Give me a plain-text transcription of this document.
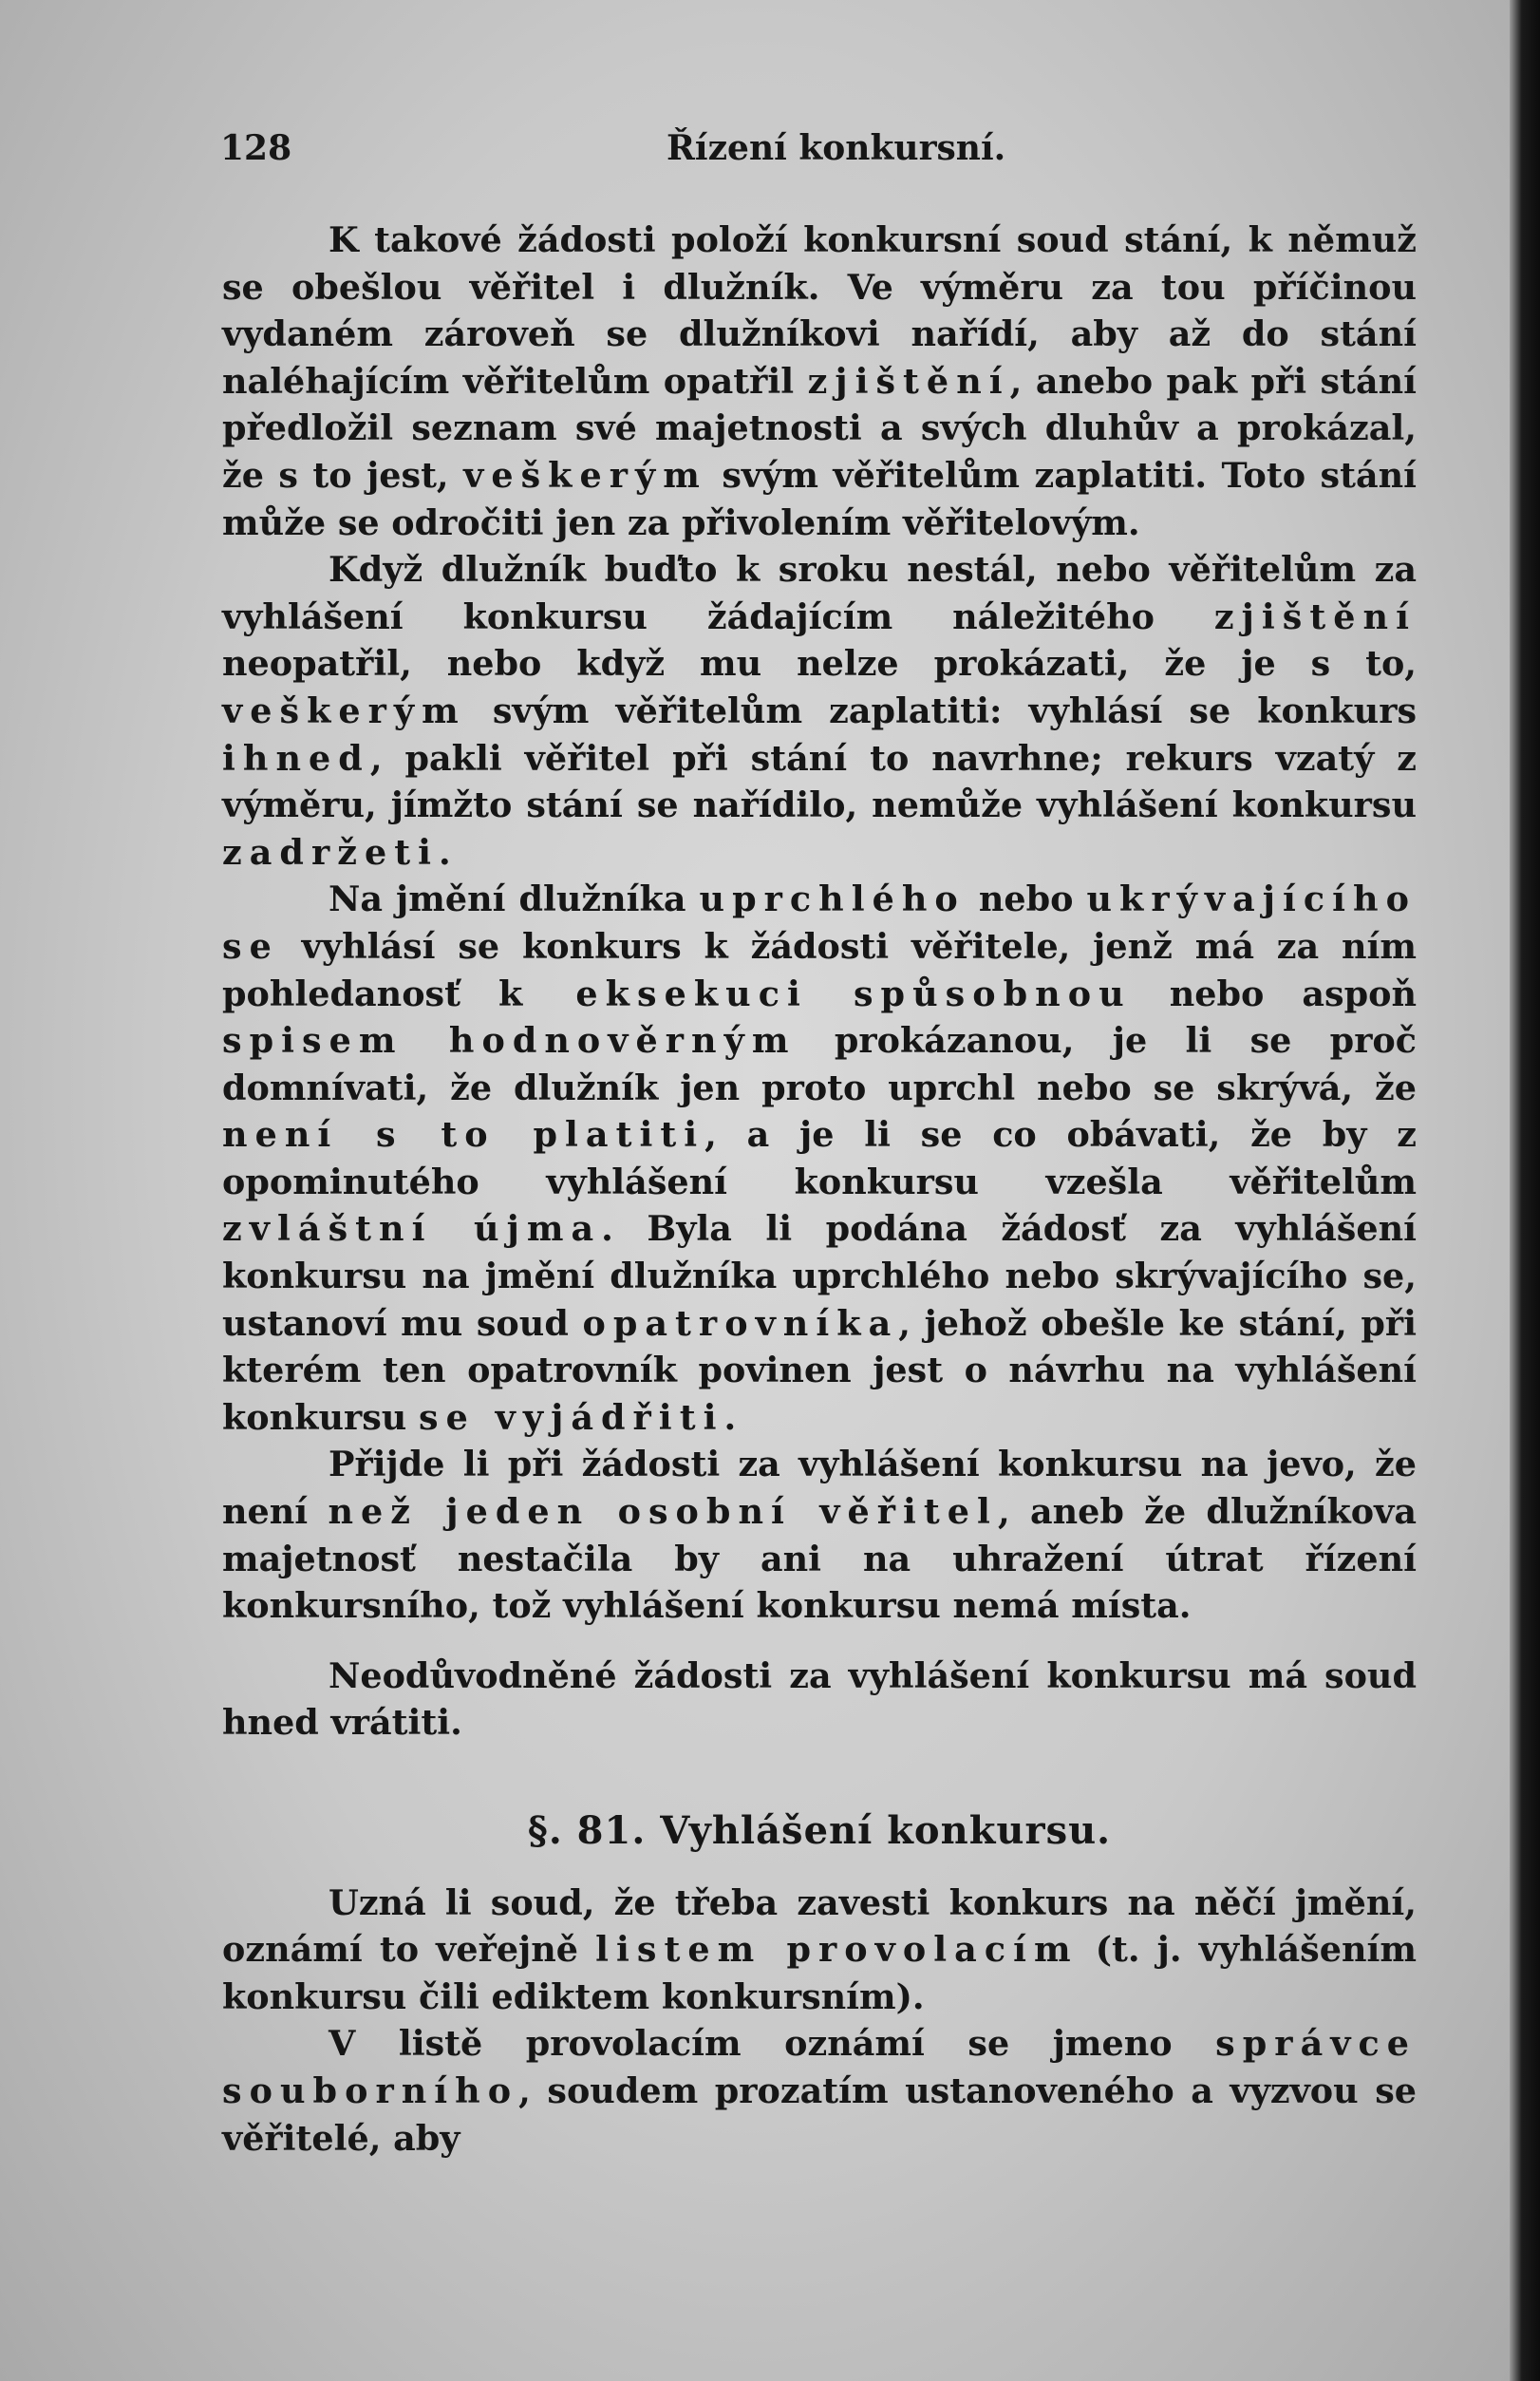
128	Řízení konkursní.

K takové žádosti položí konkursní soud stání, k němuž se obešlou věřitel i dlužník. Ve výměru za tou příčinou vydaném zároveň se dlužníkovi nařídí, aby až do stání naléhajícím věřitelům opatřil zjištění, anebo pak při stání předložil seznam své majetnosti a svých dluhův a prokázal, že s to jest, veškerým svým věřitelům zaplatiti. Toto stání může se odročiti jen za přivolením věřitelovým.

Když dlužník buďto k sroku nestál, nebo věřitelům za vyhlášení konkursu žádajícím náležitého zjištění neopatřil, nebo když mu nelze prokázati, že je s to, veškerým svým věřitelům zaplatiti: vyhlásí se konkurs ihned, pakli věřitel při stání to navrhne; rekurs vzatý z výměru, jímžto stání se nařídilo, nemůže vyhlášení konkursu zadržeti.

Na jmění dlužníka uprchlého nebo ukrývajícího se vyhlásí se konkurs k žádosti věřitele, jenž má za ním pohledanosť k eksekuci spůsobnou nebo aspoň spisem hodnověrným prokázanou, je li se proč domnívati, že dlužník jen proto uprchl nebo se skrývá, že není s to platiti, a je li se co obávati, že by z opominutého vyhlášení konkursu vzešla věřitelům zvláštní újma. Byla li podána žádosť za vyhlášení konkursu na jmění dlužníka uprchlého nebo skrývajícího se, ustanoví mu soud opatrovníka, jehož obešle ke stání, při kterém ten opatrovník povinen jest o návrhu na vyhlášení konkursu se vyjádřiti.

Přijde li při žádosti za vyhlášení konkursu na jevo, že není než jeden osobní věřitel, aneb že dlužníkova majetnosť nestačila by ani na uhražení útrat řízení konkursního, tož vyhlášení konkursu nemá místa.

Neodůvodněné žádosti za vyhlášení konkursu má soud hned vrátiti.

§. 81. Vyhlášení konkursu.

Uzná li soud, že třeba zavesti konkurs na něčí jmění, oznámí to veřejně listem provolacím (t. j. vyhlášením konkursu čili ediktem konkursním).

V listě provolacím oznámí se jmeno správce souborního, soudem prozatím ustanoveného a vyzvou se věřitelé, aby
